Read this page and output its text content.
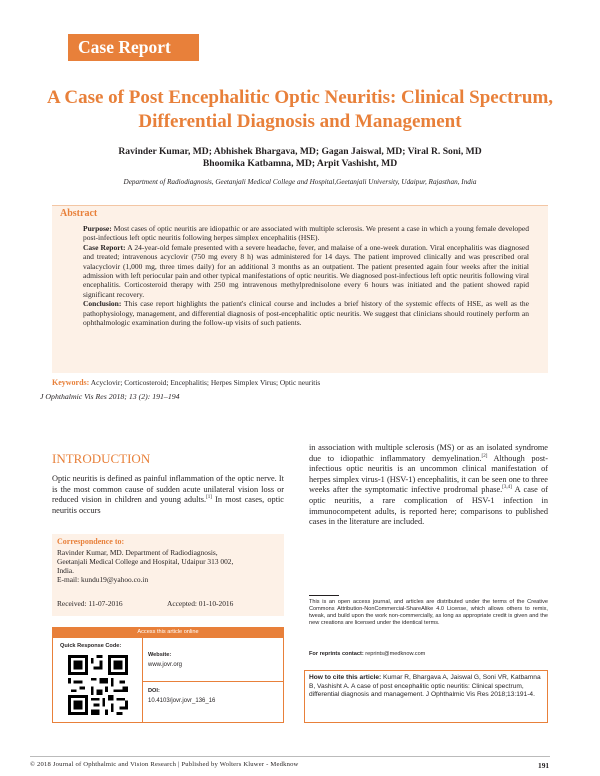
Case Report
A Case of Post Encephalitic Optic Neuritis: Clinical Spectrum, Differential Diagnosis and Management
Ravinder Kumar, MD; Abhishek Bhargava, MD; Gagan Jaiswal, MD; Viral R. Soni, MD
Bhoomika Katbamna, MD; Arpit Vashisht, MD
Department of Radiodiagnosis, Geetanjali Medical College and Hospital,Geetanjali University, Udaipur, Rajasthan, India
Abstract

Purpose: Most cases of optic neuritis are idiopathic or are associated with multiple sclerosis. We present a case in which a young female developed post-infectious left optic neuritis following herpes simplex encephalitis (HSE).

Case Report: A 24-year-old female presented with a severe headache, fever, and malaise of a one-week duration. Viral encephalitis was diagnosed and treated; intravenous acyclovir (750 mg every 8 h) was administered for 14 days. The patient improved clinically and was prescribed oral valacyclovir (1,000 mg, three times daily) for an additional 3 months as an outpatient. The patient presented again four weeks after the initial admission with left periocular pain and other typical manifestations of optic neuritis. We diagnosed post-infectious left optic neuritis following viral encephalitis. Corticosteroid therapy with 250 mg intravenous methylprednisolone every 6 hours was initiated and the patient showed rapid significant recovery.

Conclusion: This case report highlights the patient's clinical course and includes a brief history of the systemic effects of HSE, as well as the pathophysiology, management, and differential diagnosis of post-encephalitic optic neuritis. We suggest that clinicians should routinely perform an ophthalmologic examination during the follow-up visits of such patients.

Keywords: Acyclovir; Corticosteroid; Encephalitis; Herpes Simplex Virus; Optic neuritis
J Ophthalmic Vis Res 2018; 13 (2): 191–194
INTRODUCTION
Optic neuritis is defined as painful inflammation of the optic nerve. It is the most common cause of sudden acute unilateral vision loss or reduced vision in children and young adults.[1] In most cases, optic neuritis occurs
in association with multiple sclerosis (MS) or as an isolated syndrome due to idiopathic inflammatory demyelination.[2] Although post-infectious optic neuritis is an uncommon clinical manifestation of herpes simplex virus-1 (HSV-1) encephalitis, it can be seen one to three weeks after the symptomatic infective prodromal phase.[3,4] A case of optic neuritis, a rare complication of HSV-1 infection in immunocompetent adults, is reported here; comparisons to published cases in the literature are included.
Correspondence to:
Ravinder Kumar, MD. Department of Radiodiagnosis,
Geetanjali Medical College and Hospital, Udaipur 313 002,
India.
E-mail: kundu19@yahoo.co.in
Received: 11-07-2016	Accepted: 01-10-2016
Access this article online
Quick Response Code:
Website:
www.jovr.org
DOI:
10.4103/jovr.jovr_136_16
This is an open access journal, and articles are distributed under the terms of the Creative Commons Attribution-NonCommercial-ShareAlike 4.0 License, which allows others to remix, tweak, and build upon the work non-commercially, as long as appropriate credit is given and the new creations are licensed under the identical terms.
For reprints contact: reprints@medknow.com
How to cite this article: Kumar R, Bhargava A, Jaiswal G, Soni VR, Katbamna B, Vashisht A. A case of post encephalitic optic neuritis: Clinical spectrum, differential diagnosis and management. J Ophthalmic Vis Res 2018;13:191-4.
© 2018 Journal of Ophthalmic and Vision Research | Published by Wolters Kluwer - Medknow	191
